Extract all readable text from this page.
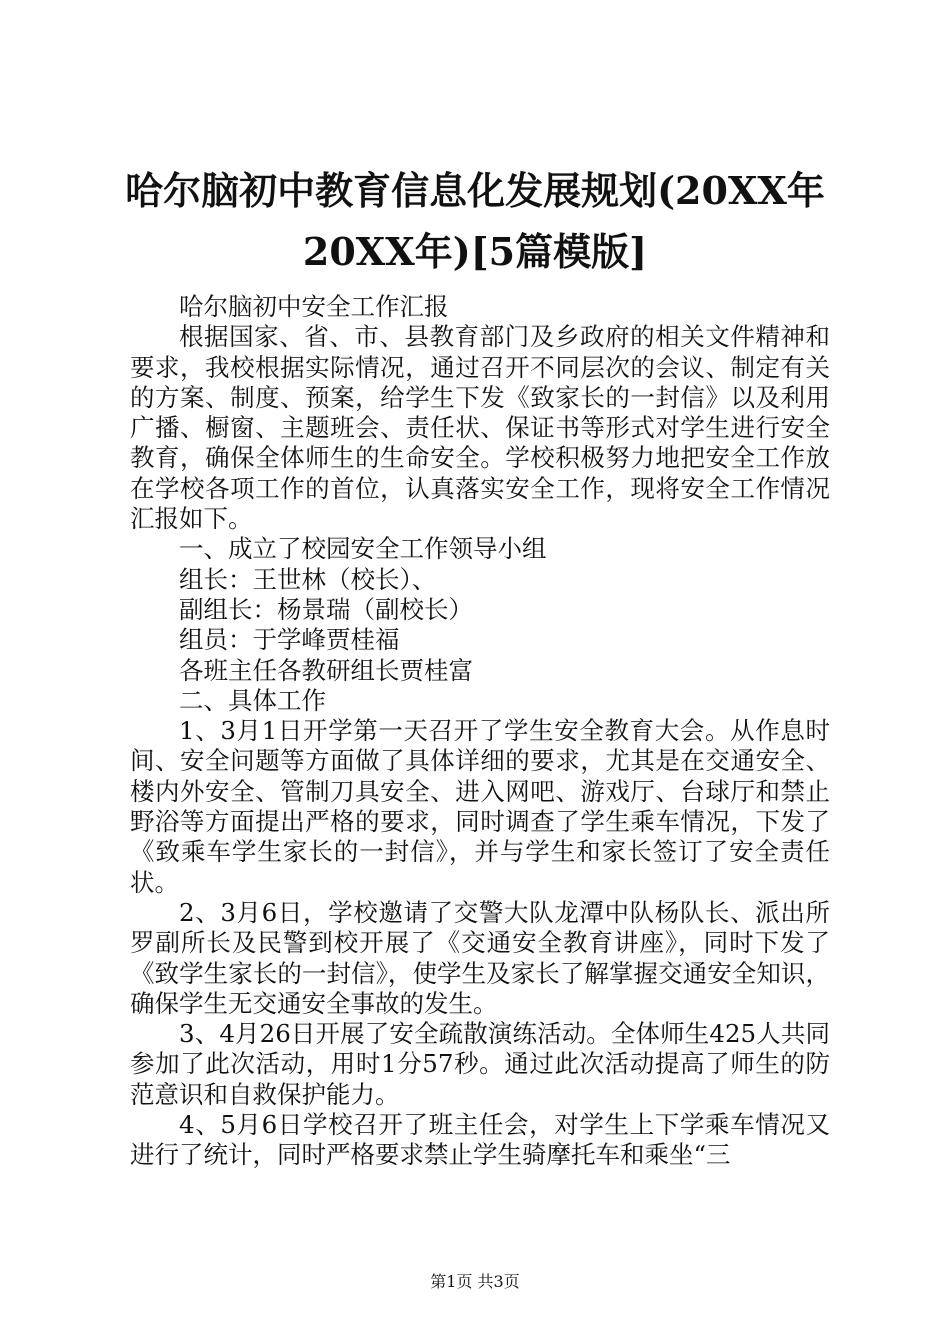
哈尔脑初中教育信息化发展规划(20XX年20XX年)[5篇模版]

哈尔脑初中安全工作汇报

根据国家、省、市、县教育部门及乡政府的相关文件精神和要求，我校根据实际情况，通过召开不同层次的会议、制定有关的方案、制度、预案，给学生下发《致家长的一封信》以及利用广播、橱窗、主题班会、责任状、保证书等形式对学生进行安全教育，确保全体师生的生命安全。学校积极努力地把安全工作放在学校各项工作的首位，认真落实安全工作，现将安全工作情况汇报如下。

一、成立了校园安全工作领导小组

组长：王世林（校长）、

副组长：杨景瑞（副校长）

组员：于学峰贾桂福

各班主任各教研组长贾桂富

二、具体工作

1、3月1日开学第一天召开了学生安全教育大会。从作息时间、安全问题等方面做了具体详细的要求，尤其是在交通安全、楼内外安全、管制刀具安全、进入网吧、游戏厅、台球厅和禁止野浴等方面提出严格的要求，同时调查了学生乘车情况，下发了《致乘车学生家长的一封信》，并与学生和家长签订了安全责任状。

2、3月6日，学校邀请了交警大队龙潭中队杨队长、派出所罗副所长及民警到校开展了《交通安全教育讲座》，同时下发了《致学生家长的一封信》，使学生及家长了解掌握交通安全知识，确保学生无交通安全事故的发生。

3、4月26日开展了安全疏散演练活动。全体师生425人共同参加了此次活动，用时1分57秒。通过此次活动提高了师生的防范意识和自救保护能力。

4、5月6日学校召开了班主任会，对学生上下学乘车情况又进行了统计，同时严格要求禁止学生骑摩托车和乘坐“三

第1页 共3页
